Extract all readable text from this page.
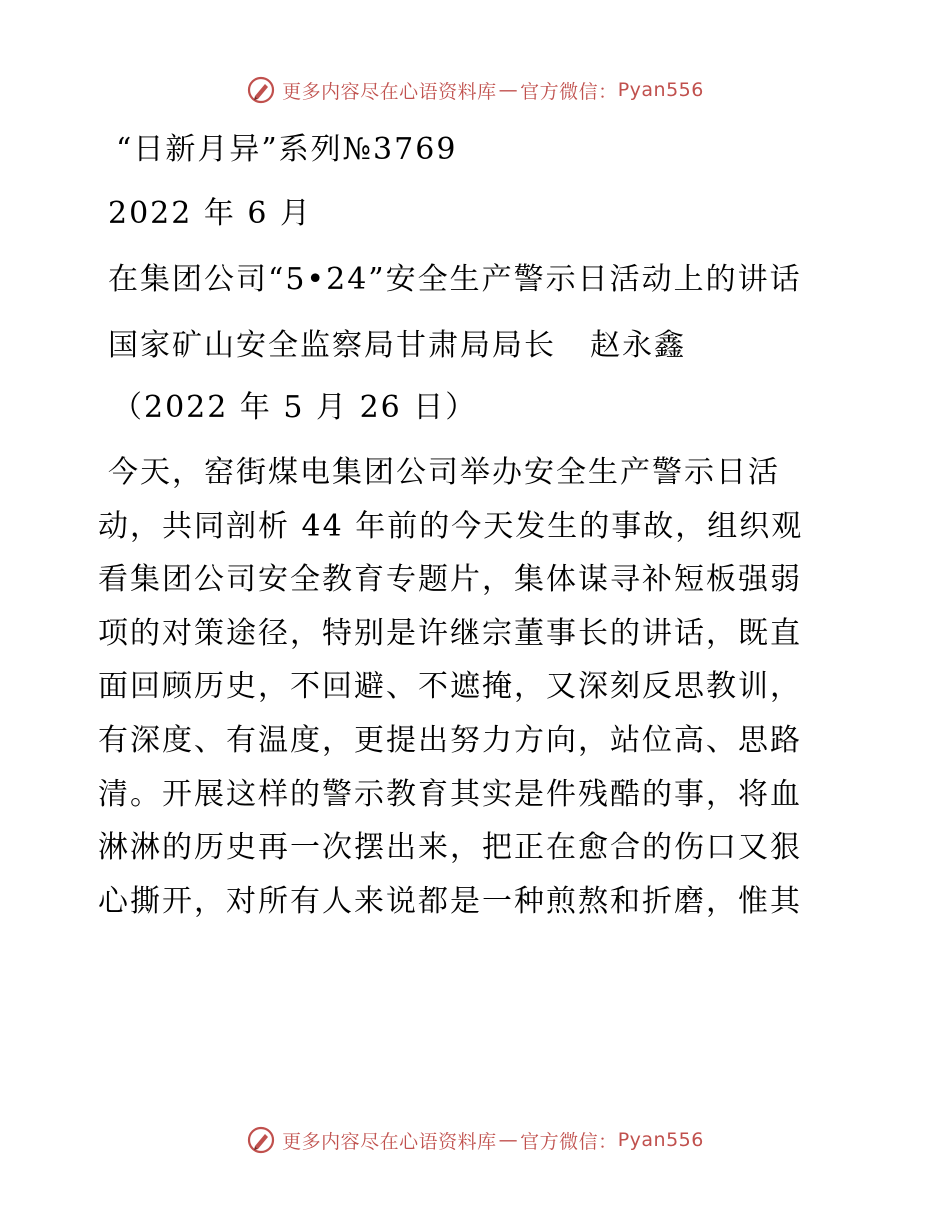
更多内容尽在心语资料库 — 官方微信： Pyan556
“日新月异”系列№3769
2022 年 6 月
在集团公司“5•24”安全生产警示日活动上的讲话
国家矿山安全监察局甘肃局局长 赵永鑫
（2022 年 5 月 26 日）
今天，窑街煤电集团公司举办安全生产警示日活
动，共同剖析 44 年前的今天发生的事故，组织观
看集团公司安全教育专题片，集体谋寻补短板强弱
项的对策途径，特别是许继宗董事长的讲话，既直
面回顾历史，不回避、不遮掩，又深刻反思教训，
有深度、有温度，更提出努力方向，站位高、思路
清。开展这样的警示教育其实是件残酷的事，将血
淋淋的历史再一次摆出来，把正在愈合的伤口又狠
心撕开，对所有人来说都是一种煎熬和折磨，惟其
更多内容尽在心语资料库 — 官方微信： Pyan556
